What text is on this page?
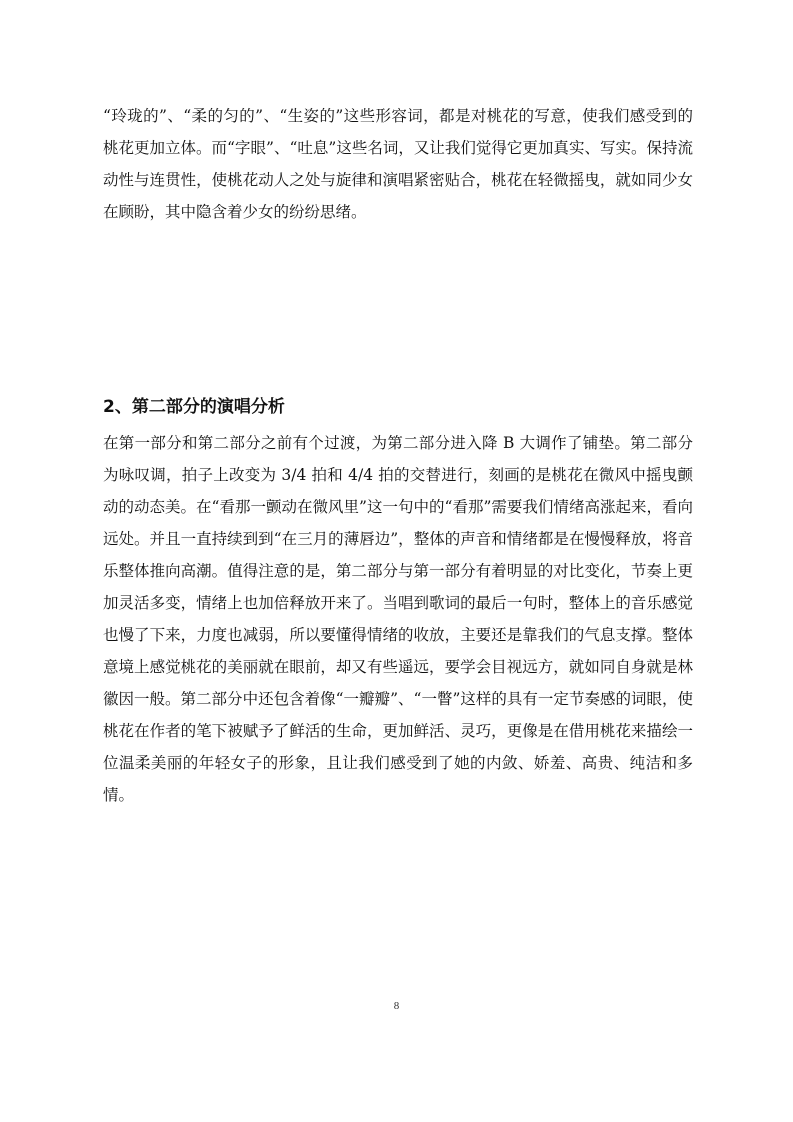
“玲珑的”、“柔的匀的”、“生姿的”这些形容词，都是对桃花的写意，使我们感受到的桃花更加立体。而“字眼”、“吐息”这些名词，又让我们觉得它更加真实、写实。保持流动性与连贯性，使桃花动人之处与旋律和演唱紧密贴合，桃花在轻微摇曳，就如同少女在顾盼，其中隐含着少女的纷纷思绪。

2、第二部分的演唱分析

在第一部分和第二部分之前有个过渡，为第二部分进入降 B 大调作了铺垫。第二部分为咏叹调，拍子上改变为 3/4 拍和 4/4 拍的交替进行，刻画的是桃花在微风中摇曳颤动的动态美。在“看那一颤动在微风里”这一句中的“看那”需要我们情绪高涨起来，看向远处。并且一直持续到到“在三月的薄唇边”，整体的声音和情绪都是在慢慢释放，将音乐整体推向高潮。值得注意的是，第二部分与第一部分有着明显的对比变化，节奏上更加灵活多变，情绪上也加倍释放开来了。当唱到歌词的最后一句时，整体上的音乐感觉也慢了下来，力度也减弱，所以要懂得情绪的收放，主要还是靠我们的气息支撑。整体意境上感觉桃花的美丽就在眼前，却又有些遥远，要学会目视远方，就如同自身就是林徽因一般。第二部分中还包含着像“一瓣瓣”、“一瞥”这样的具有一定节奏感的词眼，使桃花在作者的笔下被赋予了鲜活的生命，更加鲜活、灵巧，更像是在借用桃花来描绘一位温柔美丽的年轻女子的形象，且让我们感受到了她的内敛、娇羞、高贵、纯洁和多情。

8
